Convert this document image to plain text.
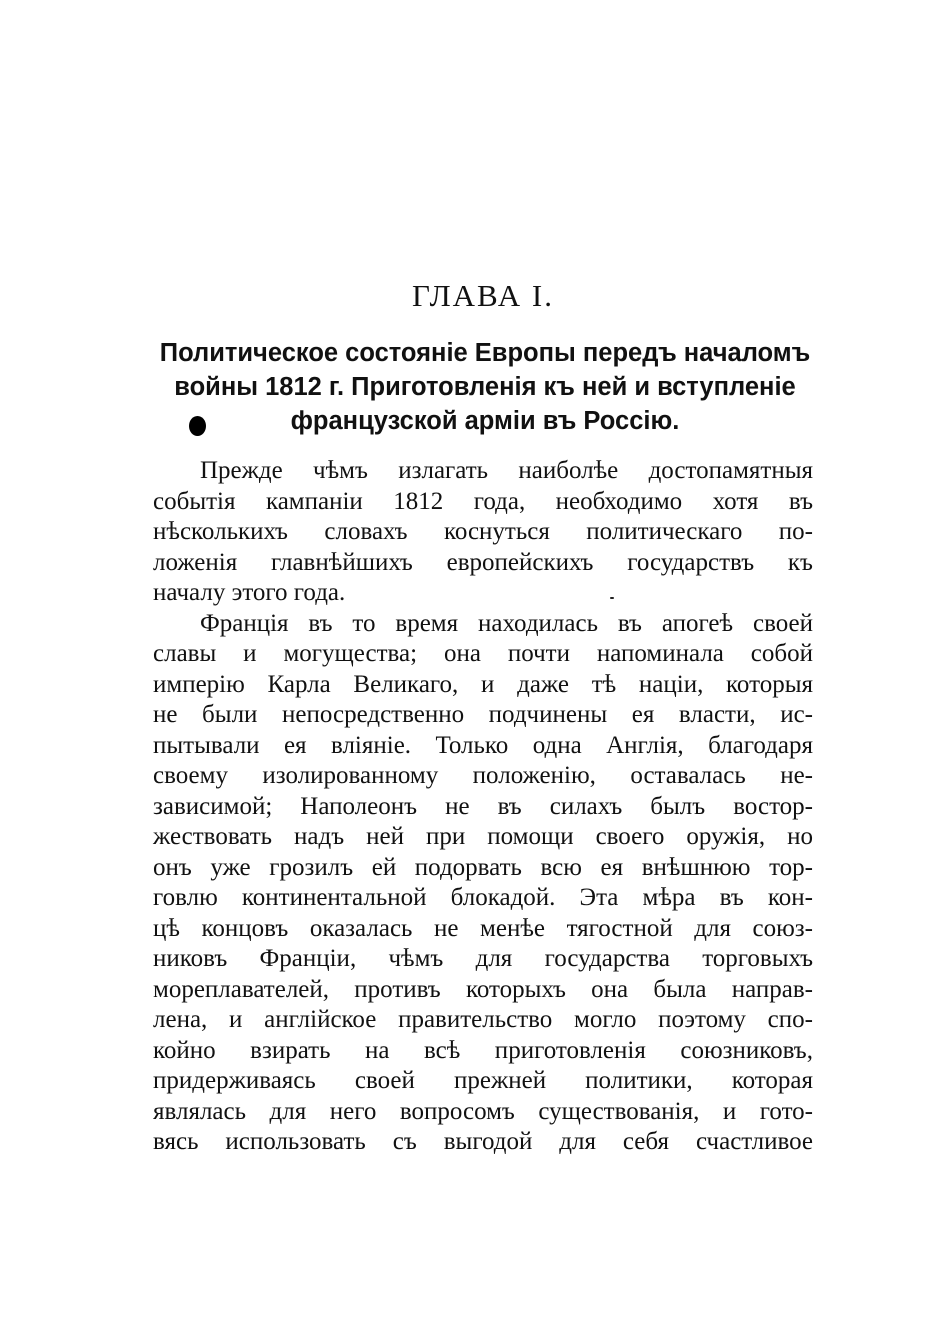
ГЛАВА I.
Политическое состояніе Европы передъ началомъ
войны 1812 г. Приготовленія къ ней и вступленіе
французской арміи въ Россію.
Прежде чѣмъ излагать наиболѣе достопамятныя
событія кампаніи 1812 года, необходимо хотя въ
нѣсколькихъ словахъ коснуться политическаго по-
ложенія главнѣйшихъ европейскихъ государствъ къ
началу этого года.
Франція въ то время находилась въ апогеѣ своей
славы и могущества; она почти напоминала собой
имперію Карла Великаго, и даже тѣ націи, которыя
не были непосредственно подчинены ея власти, ис-
пытывали ея вліяніе. Только одна Англія, благодаря
своему изолированному положенію, оставалась не-
зависимой; Наполеонъ не въ силахъ былъ востор-
жествовать надъ ней при помощи своего оружія, но
онъ уже грозилъ ей подорвать всю ея внѣшнюю тор-
говлю континентальной блокадой. Эта мѣра въ кон-
цѣ концовъ оказалась не менѣе тягостной для союз-
никовъ Франціи, чѣмъ для государства торговыхъ
мореплавателей, противъ которыхъ она была направ-
лена, и англійское правительство могло поэтому спо-
койно взирать на всѣ приготовленія союзниковъ,
придерживаясь своей прежней политики, которая
являлась для него вопросомъ существованія, и гото-
вясь использовать съ выгодой для себя счастливое
